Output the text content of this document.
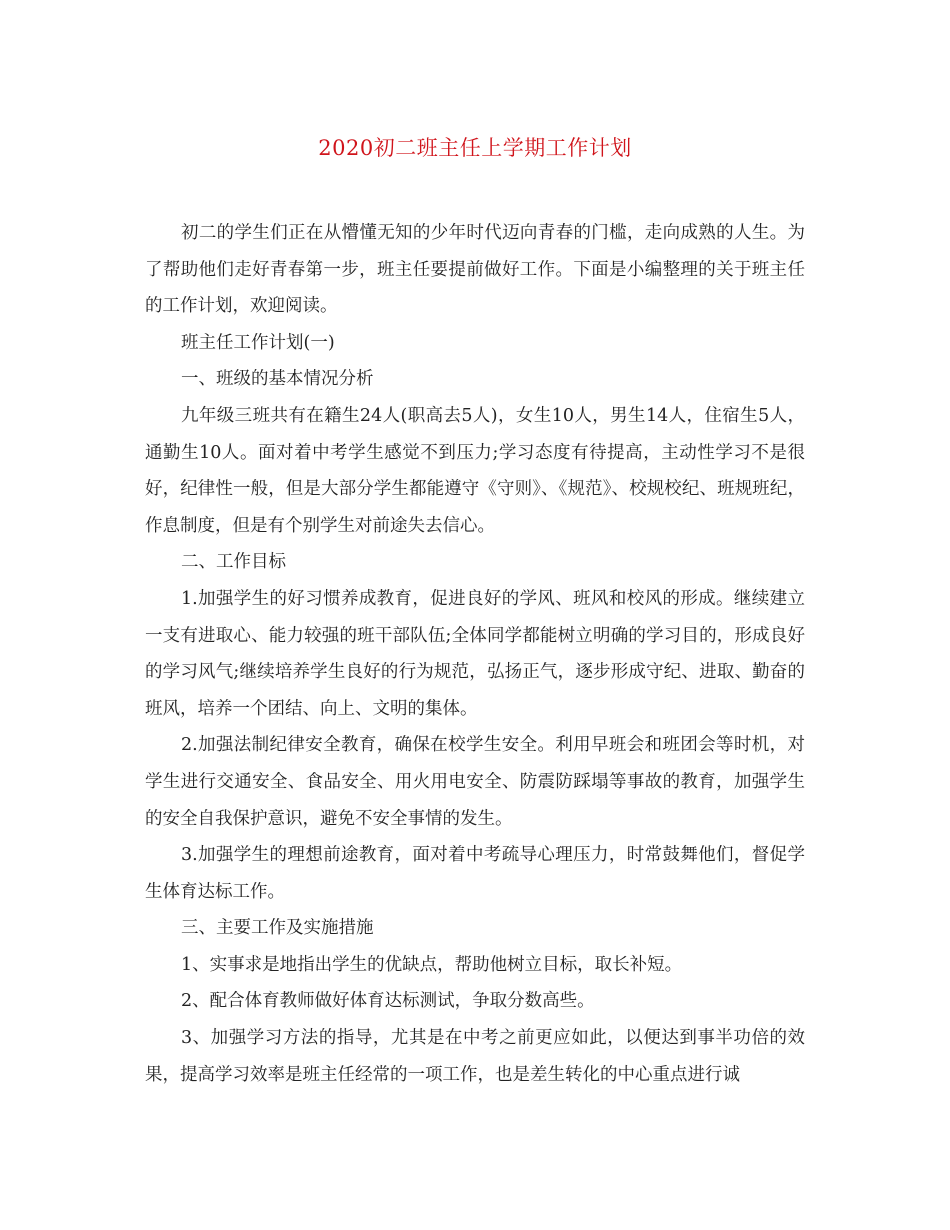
2020初二班主任上学期工作计划

初二的学生们正在从懵懂无知的少年时代迈向青春的门槛，走向成熟的人生。为了帮助他们走好青春第一步，班主任要提前做好工作。下面是小编整理的关于班主任的工作计划，欢迎阅读。

班主任工作计划(一)

一、班级的基本情况分析

九年级三班共有在籍生24人(职高去5人)，女生10人，男生14人，住宿生5人，通勤生10人。面对着中考学生感觉不到压力;学习态度有待提高，主动性学习不是很好，纪律性一般，但是大部分学生都能遵守《守则》、《规范》、校规校纪、班规班纪，作息制度，但是有个别学生对前途失去信心。

二、工作目标

1.加强学生的好习惯养成教育，促进良好的学风、班风和校风的形成。继续建立一支有进取心、能力较强的班干部队伍;全体同学都能树立明确的学习目的，形成良好的学习风气;继续培养学生良好的行为规范，弘扬正气，逐步形成守纪、进取、勤奋的班风，培养一个团结、向上、文明的集体。

2.加强法制纪律安全教育，确保在校学生安全。利用早班会和班团会等时机，对学生进行交通安全、食品安全、用火用电安全、防震防踩塌等事故的教育，加强学生的安全自我保护意识，避免不安全事情的发生。

3.加强学生的理想前途教育，面对着中考疏导心理压力，时常鼓舞他们，督促学生体育达标工作。

三、主要工作及实施措施

1、实事求是地指出学生的优缺点，帮助他树立目标，取长补短。

2、配合体育教师做好体育达标测试，争取分数高些。

3、加强学习方法的指导，尤其是在中考之前更应如此，以便达到事半功倍的效果，提高学习效率是班主任经常的一项工作，也是差生转化的中心重点进行诚
